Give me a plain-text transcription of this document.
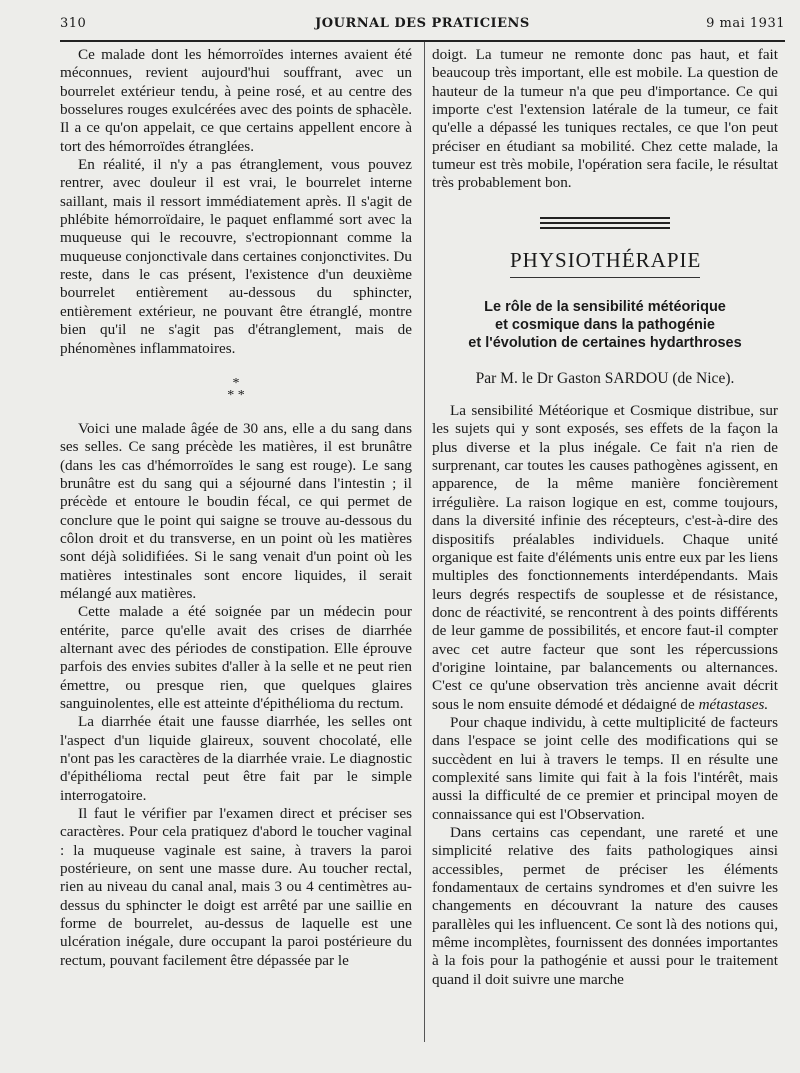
310	JOURNAL DES PRATICIENS	9 mai 1931

Ce malade dont les hémorroïdes internes avaient été méconnues, revient aujourd'hui souffrant, avec un bourrelet extérieur tendu, à peine rosé, et au centre des bosselures rouges exulcérées avec des points de sphacèle. Il a ce qu'on appelait, ce que certains appellent encore à tort des hémorroïdes étranglées.

En réalité, il n'y a pas étranglement, vous pouvez rentrer, avec douleur il est vrai, le bourrelet interne saillant, mais il ressort immédiatement après. Il s'agit de phlébite hémorroïdaire, le paquet enflammé sort avec la muqueuse qui le recouvre, s'ectropionnant comme la muqueuse conjonctivale dans certaines conjonctivites. Du reste, dans le cas présent, l'existence d'un deuxième bourrelet entièrement au-dessous du sphincter, entièrement extérieur, ne pouvant être étranglé, montre bien qu'il ne s'agit pas d'étranglement, mais de phénomènes inflammatoires.

*
* *

Voici une malade âgée de 30 ans, elle a du sang dans ses selles. Ce sang précède les matières, il est brunâtre (dans les cas d'hémorroïdes le sang est rouge). Le sang brunâtre est du sang qui a séjourné dans l'intestin ; il précède et entoure le boudin fécal, ce qui permet de conclure que le point qui saigne se trouve au-dessous du côlon droit et du transverse, en un point où les matières sont déjà solidifiées. Si le sang venait d'un point où les matières intestinales sont encore liquides, il serait mélangé aux matières.

Cette malade a été soignée par un médecin pour entérite, parce qu'elle avait des crises de diarrhée alternant avec des périodes de constipation. Elle éprouve parfois des envies subites d'aller à la selle et ne peut rien émettre, ou presque rien, que quelques glaires sanguinolentes, elle est atteinte d'épithélioma du rectum.

La diarrhée était une fausse diarrhée, les selles ont l'aspect d'un liquide glaireux, souvent chocolaté, elle n'ont pas les caractères de la diarrhée vraie. Le diagnostic d'épithélioma rectal peut être fait par le simple interrogatoire.

Il faut le vérifier par l'examen direct et préciser ses caractères. Pour cela pratiquez d'abord le toucher vaginal : la muqueuse vaginale est saine, à travers la paroi postérieure, on sent une masse dure. Au toucher rectal, rien au niveau du canal anal, mais 3 ou 4 centimètres au-dessus du sphincter le doigt est arrêté par une saillie en forme de bourrelet, au-dessus de laquelle est une ulcération inégale, dure occupant la paroi postérieure du rectum, pouvant facilement être dépassée par le

doigt. La tumeur ne remonte donc pas haut, et fait beaucoup très important, elle est mobile. La question de hauteur de la tumeur n'a que peu d'importance. Ce qui importe c'est l'extension latérale de la tumeur, ce fait qu'elle a dépassé les tuniques rectales, ce que l'on peut préciser en étudiant sa mobilité. Chez cette malade, la tumeur est très mobile, l'opération sera facile, le résultat très probablement bon.

PHYSIOTHÉRAPIE
Le rôle de la sensibilité météorique
et cosmique dans la pathogénie
et l'évolution de certaines hydarthroses
Par M. le Dr Gaston SARDOU (de Nice).

La sensibilité Météorique et Cosmique distribue, sur les sujets qui y sont exposés, ses effets de la façon la plus diverse et la plus inégale. Ce fait n'a rien de surprenant, car toutes les causes pathogènes agissent, en apparence, de la même manière foncièrement irrégulière. La raison logique en est, comme toujours, dans la diversité infinie des récepteurs, c'est-à-dire des dispositifs préalables individuels. Chaque unité organique est faite d'éléments unis entre eux par les liens multiples des fonctionnements interdépendants. Mais leurs degrés respectifs de souplesse et de résistance, donc de réactivité, se rencontrent à des points différents de leur gamme de possibilités, et encore faut-il compter avec cet autre facteur que sont les répercussions d'origine lointaine, par balancements ou alternances. C'est ce qu'une observation très ancienne avait décrit sous le nom ensuite démodé et dédaigné de métastases.

Pour chaque individu, à cette multiplicité de facteurs dans l'espace se joint celle des modifications qui se succèdent en lui à travers le temps. Il en résulte une complexité sans limite qui fait à la fois l'intérêt, mais aussi la difficulté de ce premier et principal moyen de connaissance qui est l'Observation.

Dans certains cas cependant, une rareté et une simplicité relative des faits pathologiques ainsi accessibles, permet de préciser les éléments fondamentaux de certains syndromes et d'en suivre les changements en découvrant la nature des causes parallèles qui les influencent. Ce sont là des notions qui, même incomplètes, fournissent des données importantes à la fois pour la pathogénie et aussi pour le traitement quand il doit suivre une marche
